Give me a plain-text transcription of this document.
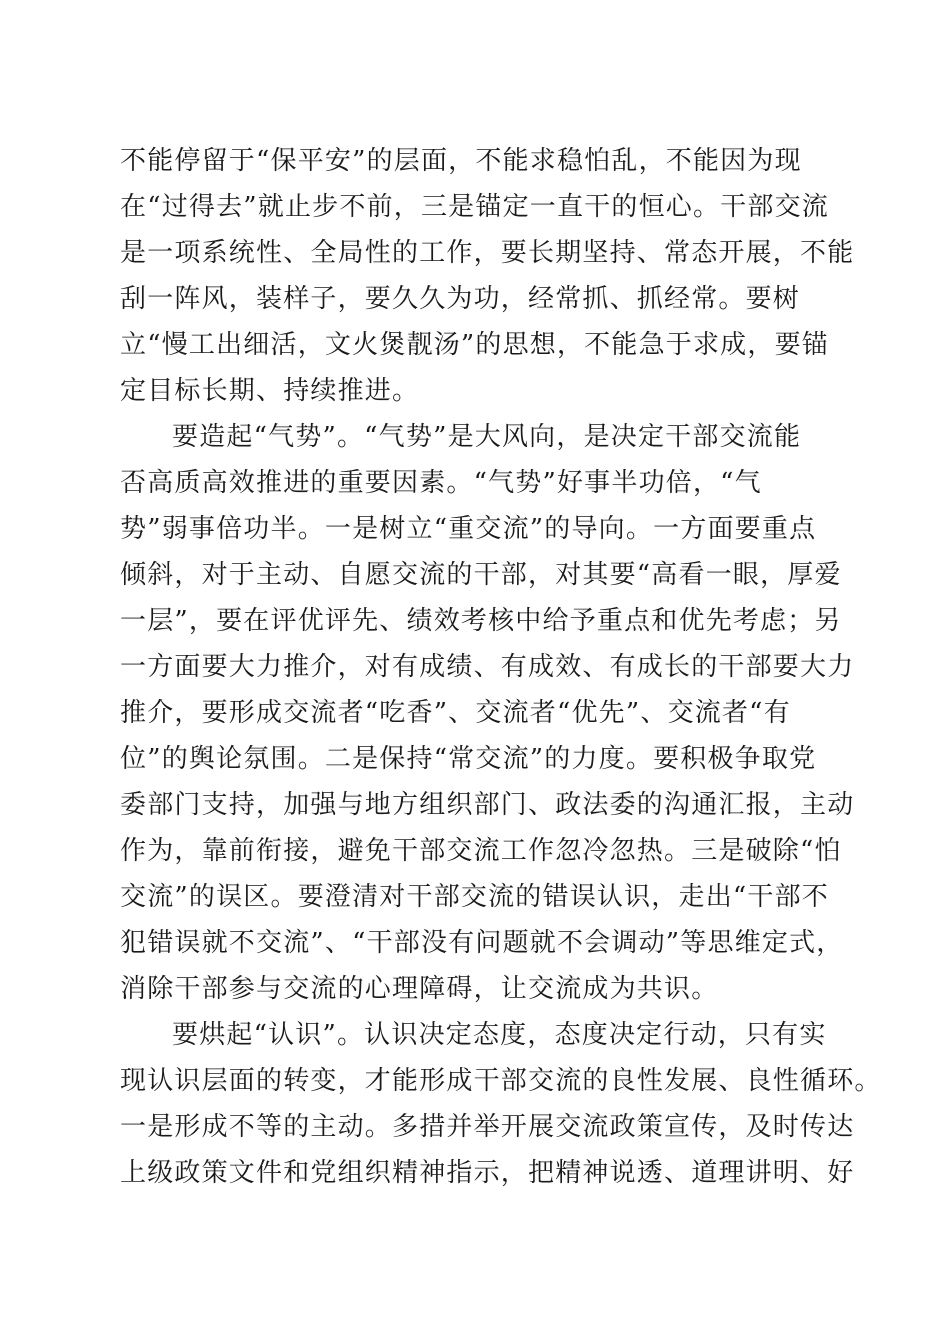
不能停留于“保平安”的层面，不能求稳怕乱，不能因为现
在“过得去”就止步不前，三是锚定一直干的恒心。干部交流
是一项系统性、全局性的工作，要长期坚持、常态开展，不能
刮一阵风，装样子，要久久为功，经常抓、抓经常。要树
立“慢工出细活，文火煲靓汤”的思想，不能急于求成，要锚
定目标长期、持续推进。
要造起“气势”。“气势”是大风向，是决定干部交流能
否高质高效推进的重要因素。“气势”好事半功倍，“气
势”弱事倍功半。一是树立“重交流”的导向。一方面要重点
倾斜，对于主动、自愿交流的干部，对其要“高看一眼，厚爱
一层”，要在评优评先、绩效考核中给予重点和优先考虑；另
一方面要大力推介，对有成绩、有成效、有成长的干部要大力
推介，要形成交流者“吃香”、交流者“优先”、交流者“有
位”的舆论氛围。二是保持“常交流”的力度。要积极争取党
委部门支持，加强与地方组织部门、政法委的沟通汇报，主动
作为，靠前衔接，避免干部交流工作忽冷忽热。三是破除“怕
交流”的误区。要澄清对干部交流的错误认识，走出“干部不
犯错误就不交流”、“干部没有问题就不会调动”等思维定式，
消除干部参与交流的心理障碍，让交流成为共识。
要烘起“认识”。认识决定态度，态度决定行动，只有实
现认识层面的转变，才能形成干部交流的良性发展、良性循环。
一是形成不等的主动。多措并举开展交流政策宣传，及时传达
上级政策文件和党组织精神指示，把精神说透、道理讲明、好
